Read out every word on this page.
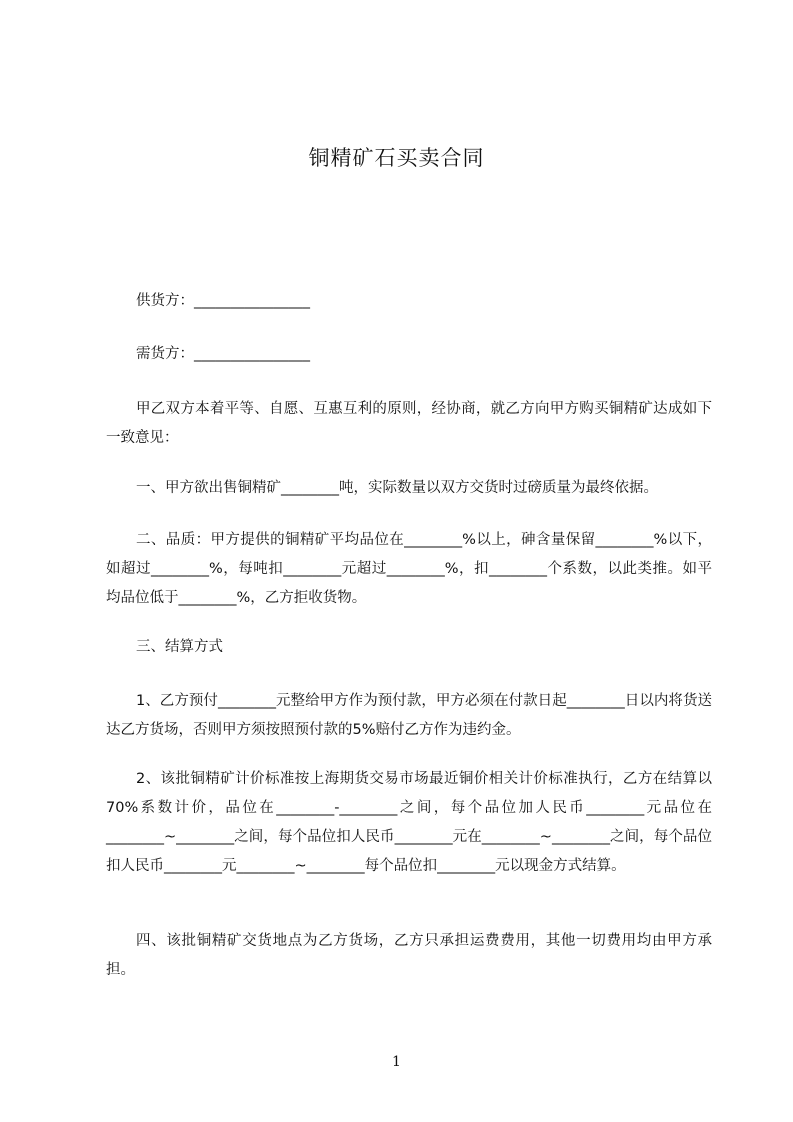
铜精矿石买卖合同
供货方：________________
需货方：________________
甲乙双方本着平等、自愿、互惠互利的原则，经协商，就乙方向甲方购买铜精矿达成如下一致意见：
一、甲方欲出售铜精矿________吨，实际数量以双方交货时过磅质量为最终依据。
二、品质：甲方提供的铜精矿平均品位在________%以上，砷含量保留________%以下，如超过________%，每吨扣________元超过________%，扣________个系数，以此类推。如平均品位低于________%，乙方拒收货物。
三、结算方式
1、乙方预付________元整给甲方作为预付款，甲方必须在付款日起________日以内将货送达乙方货场，否则甲方须按照预付款的5%赔付乙方作为违约金。
2、该批铜精矿计价标准按上海期货交易市场最近铜价相关计价标准执行，乙方在结算以70%系数计价，品位在________-________之间，每个品位加人民币________元品位在________~________之间，每个品位扣人民币________元在________~________之间，每个品位扣人民币________元________~________每个品位扣________元以现金方式结算。
四、该批铜精矿交货地点为乙方货场，乙方只承担运费费用，其他一切费用均由甲方承担。
1
